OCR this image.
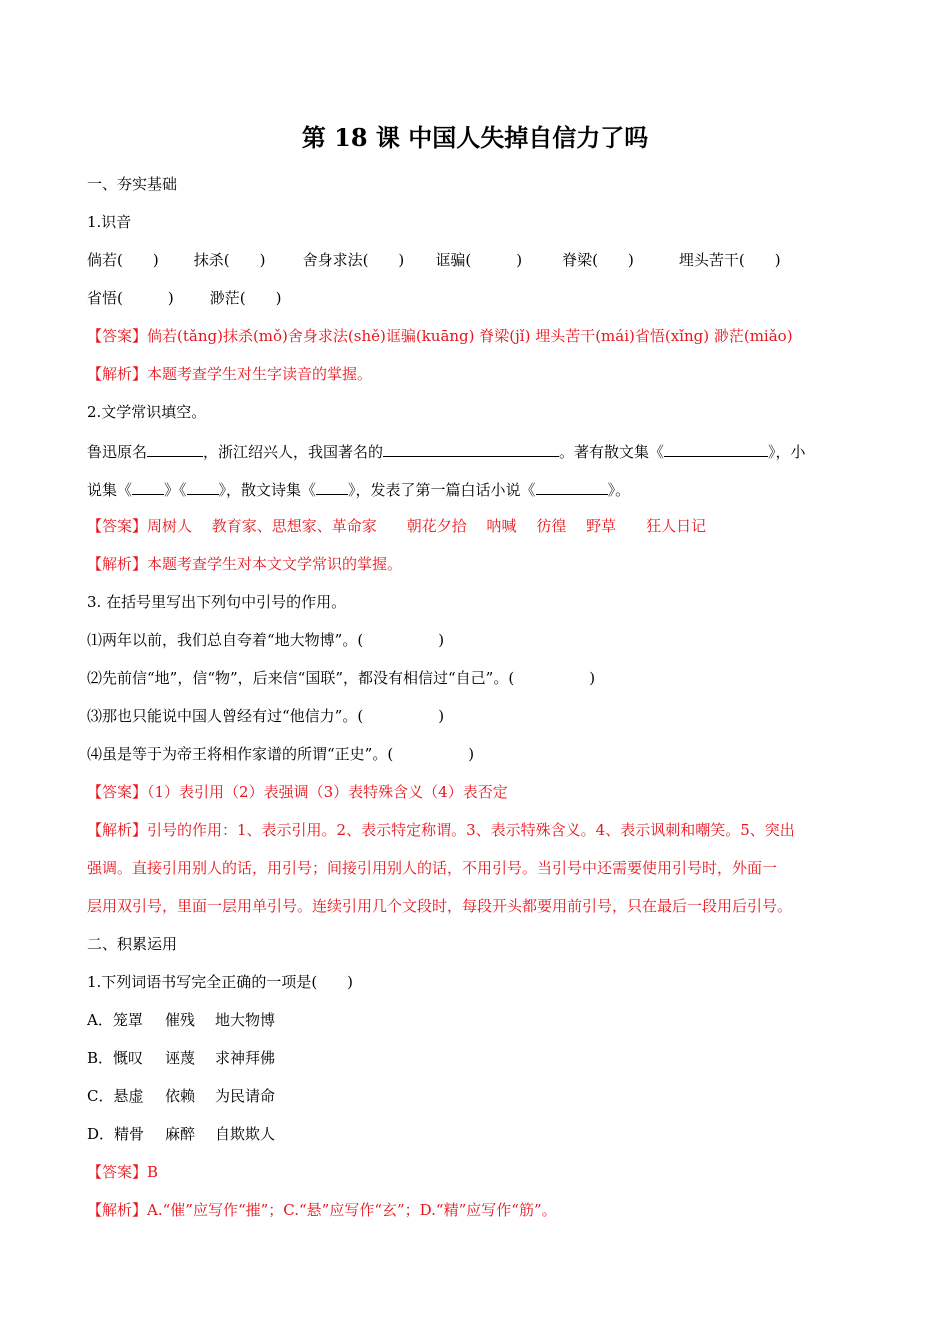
第 18 课 中国人失掉自信力了吗
一、夯实基础
1.识音
倘若(　　) 抹杀(　　) 舍身求法(　　) 诓骗(　　　)	脊梁(　　)	埋头苦干(　　)
省悟(　　　) 渺茫(　　)
【答案】倘若(tǎng)抹杀(mǒ)舍身求法(shě)诓骗(kuāng) 脊梁(jǐ) 埋头苦干(mái)省悟(xǐng) 渺茫(miǎo)
【解析】本题考查学生对生字读音的掌握。
2.文学常识填空。
鲁迅原名	，浙江绍兴人，我国著名的	。著有散文集《	》，小
说集《 》《 》，散文诗集《 》，发表了第一篇白话小说《	》。
【答案】周树人　 教育家、思想家、革命家　　朝花夕拾　 呐喊　 彷徨　 野草　　狂人日记
【解析】本题考查学生对本文文学常识的掌握。
3. 在括号里写出下列句中引号的作用。
⑴两年以前，我们总自夸着“地大物博”。(　　　　　)
⑵先前信“地”，信“物”，后来信“国联”，都没有相信过“自己”。(　　　　　)
⑶那也只能说中国人曾经有过“他信力”。(　　　　　)
⑷虽是等于为帝王将相作家谱的所谓“正史”。(　　　　　)
【答案】（1）表引用（2）表强调（3）表特殊含义（4）表否定
【解析】引号的作用：1、表示引用。2、表示特定称谓。3、表示特殊含义。4、表示讽刺和嘲笑。5、突出
强调。直接引用别人的话，用引号；间接引用别人的话，不用引号。当引号中还需要使用引号时，外面一
层用双引号，里面一层用单引号。连续引用几个文段时，每段开头都要用前引号，只在最后一段用后引号。
二、积累运用
1.下列词语书写完全正确的一项是(　　)
A．笼罩 催残 地大物博
B．慨叹 诬蔑 求神拜佛
C．悬虚 依赖 为民请命
D．精骨 麻醉 自欺欺人
【答案】B
【解析】A.“催”应写作“摧”；C.“悬”应写作“玄”；D.“精”应写作“筋”。
